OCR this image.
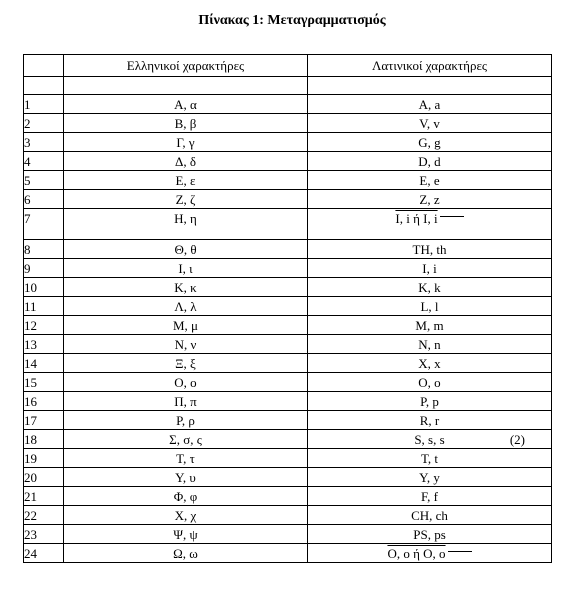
Πίνακας 1: Μεταγραμματισμός
	Ελληνικοί χαρακτήρες	Λατινικοί χαρακτήρες

1	Α, α	A, a
2	Β, β	V, v
3	Γ, γ	G, g
4	Δ, δ	D, d
5	Ε, ε	E, e
6	Ζ, ζ	Z, z
7	Η, η	I, i ή I, i
8	Θ, θ	TH, th
9	Ι, ι	I, i
10	Κ, κ	K, k
11	Λ, λ	L, l
12	Μ, μ	M, m
13	Ν, ν	N, n
14	Ξ, ξ	X, x
15	Ο, ο	O, o
16	Π, π	P, p
17	Ρ, ρ	R, r
18	Σ, σ, ς	S, s, s (2)

19	Τ, τ	T, t
20	Υ, υ	Y, y
21	Φ, φ	F, f
22	Χ, χ	CH, ch
23	Ψ, ψ	PS, ps
24	Ω, ω	O, o ή O, o
